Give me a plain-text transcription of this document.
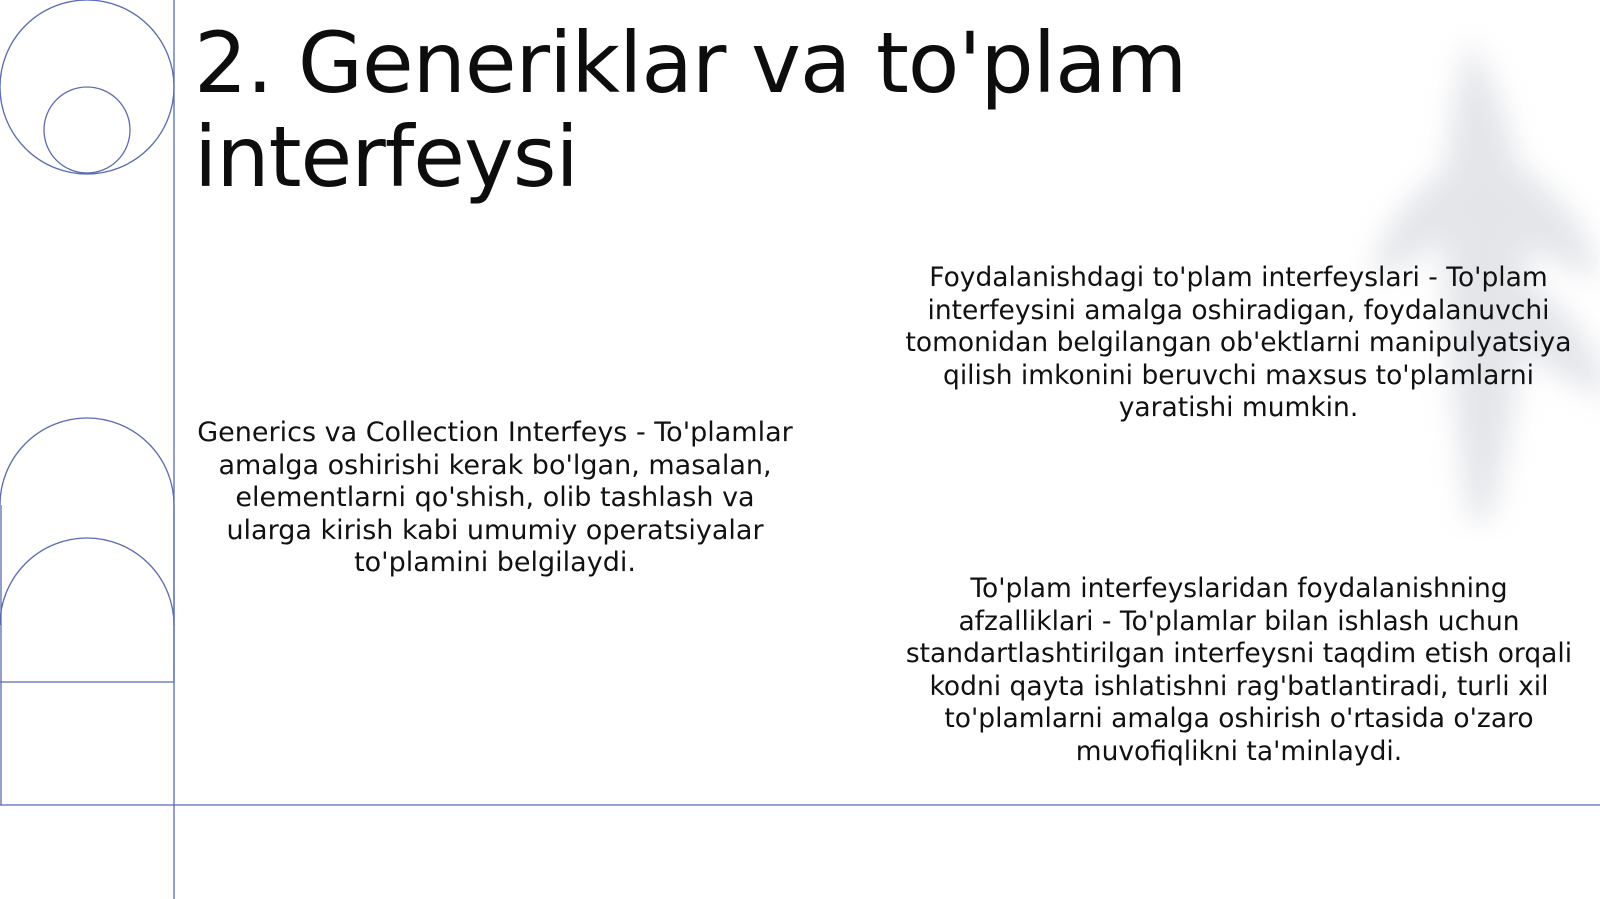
2. Generiklar va to'plam interfeysi

Generics va Collection Interfeys - To'plamlar amalga oshirishi kerak bo'lgan, masalan, elementlarni qo'shish, olib tashlash va ularga kirish kabi umumiy operatsiyalar to'plamini belgilaydi.

Foydalanishdagi to'plam interfeyslari - To'plam interfeysini amalga oshiradigan, foydalanuvchi tomonidan belgilangan ob'ektlarni manipulyatsiya qilish imkonini beruvchi maxsus to'plamlarni yaratishi mumkin.

To'plam interfeyslaridan foydalanishning afzalliklari - To'plamlar bilan ishlash uchun standartlashtirilgan interfeysni taqdim etish orqali kodni qayta ishlatishni rag'batlantiradi, turli xil to'plamlarni amalga oshirish o'rtasida o'zaro muvofiqlikni ta'minlaydi.
